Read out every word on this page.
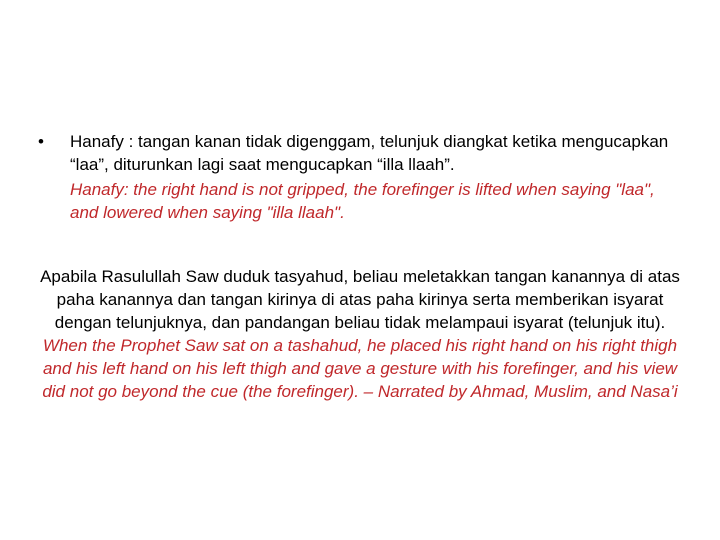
•	Hanafy : tangan kanan tidak digenggam, telunjuk diangkat ketika mengucapkan “laa”, diturunkan lagi saat mengucapkan “illa llaah”.
Hanafy: the right hand is not gripped, the forefinger is lifted when saying "laa", and lowered when saying "illa llaah".
Apabila Rasulullah Saw duduk tasyahud, beliau meletakkan tangan kanannya di atas paha kanannya dan tangan kirinya di atas paha kirinya serta memberikan isyarat dengan telunjuknya, dan pandangan beliau tidak melampaui isyarat (telunjuk itu).
When the Prophet Saw sat on a tashahud, he placed his right hand on his right thigh and his left hand on his left thigh and gave a gesture with his forefinger, and his view did not go beyond the cue (the forefinger). – Narrated by Ahmad, Muslim, and Nasa’i
